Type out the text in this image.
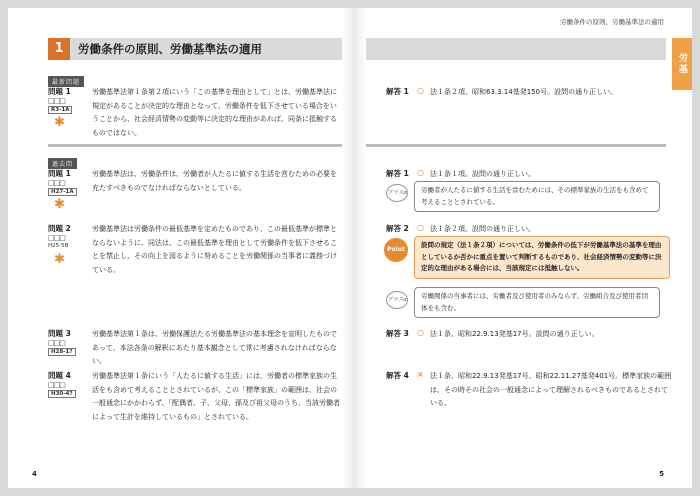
1	労働条件の原則、労働基準法の適用
最新問題
問題 1
□□□
R3-1A
✱
労働基準法第１条第２項にいう「この基準を理由として」とは、労働基準法に規定があることが決定的な理由となって、労働条件を低下させている場合をいうことから、社会経済情勢の変動等に決定的な理由があれば、同条に抵触するものではない。
過去問
問題 1
□□□
H27-1A
✱
労働基準法は、労働条件は、労働者が人たるに値する生活を営むための必要を充たすべきものでなければならないとしている。
問題 2
□□□
H25-5B
✱
労働基準法は労働条件の最低基準を定めたものであり、この最低基準が標準とならないように、同法は、この最低基準を理由として労働条件を低下させることを禁止し、その向上を図るように努めることを労働関係の当事者に義務づけている。
問題 3
□□□
H28-1?
労働基準法第１条は、労働保護法たる労働基準法の基本理念を宣明したものであって、本法各条の解釈にあたり基本観念として常に考慮されなければならない。
問題 4
□□□
H30-4?
労働基準法第１条にいう「人たるに値する生活」には、労働者の標準家族の生活をも含めて考えることとされているが、この「標準家族」の範囲は、社会の一般通念にかかわらず、「配偶者、子、父母、孫及び祖父母のうち、当該労働者によって生計を維持しているもの」とされている。
4
労働条件の原則、労働基準法の適用
労基
解答 1 ○ 法１条２項、昭和63.3.14基発150号。設問の通り正しい。
解答 1 ○ 法１条１項。設問の通り正しい。
プラスα	労働者が人たるに値する生活を営むためには、その標準家族の生活をも含めて考えることとされている。
解答 2 ○ 法１条２項。設問の通り正しい。
Point
設問の規定（法１条２項）については、労働条件の低下が労働基準法の基準を理由としているか否かに重点を置いて判断するものであり、社会経済情勢の変動等に決定的な理由がある場合には、当該規定には抵触しない。
プラスα	労働関係の当事者には、労働者及び使用者のみならず、労働組合及び使用者団体をも含む。
解答 3 ○ 法１条、昭和22.9.13発基17号。設問の通り正しい。
解答 4 × 法１条、昭和22.9.13発基17号、昭和22.11.27基発401号。標準家族の範囲は、その時その社会の一般通念によって理解されるべきものであるとされている。
5
